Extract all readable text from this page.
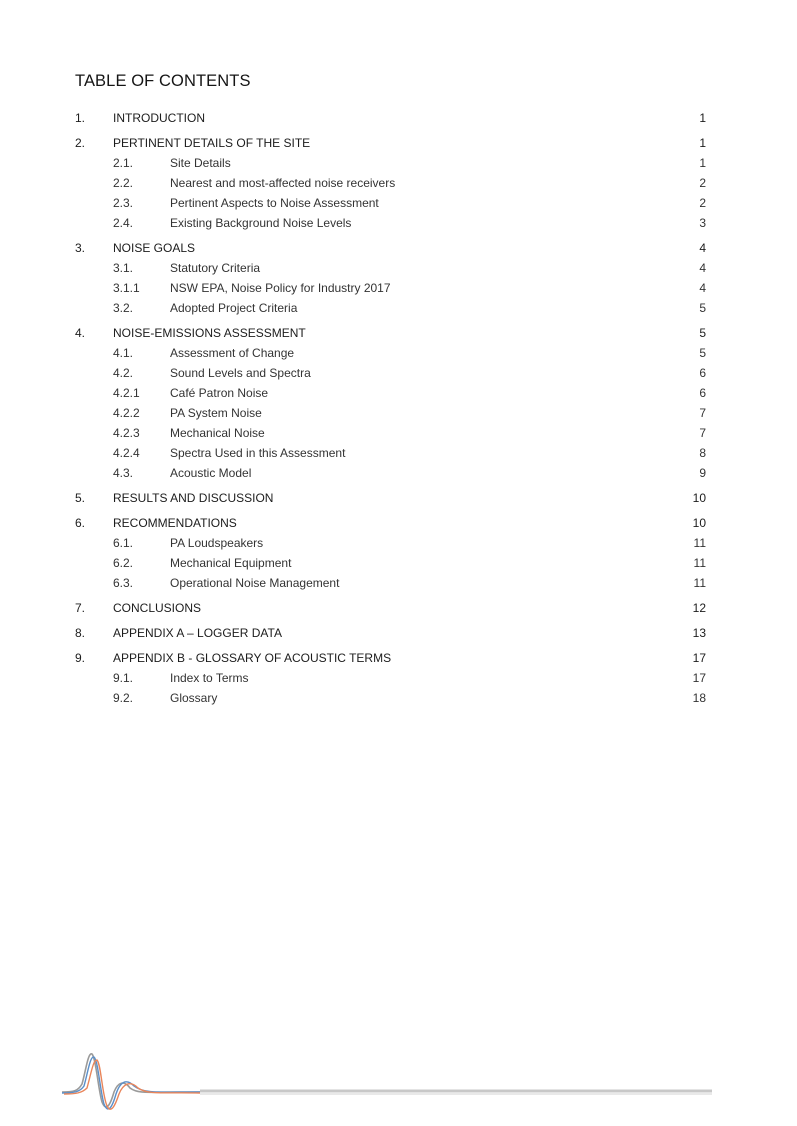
TABLE OF CONTENTS
1. INTRODUCTION	1
2. PERTINENT DETAILS OF THE SITE	1
2.1.	Site Details	1
2.2.	Nearest and most-affected noise receivers	2
2.3.	Pertinent Aspects to Noise Assessment	2
2.4.	Existing Background Noise Levels	3
3. NOISE GOALS	4
3.1.	Statutory Criteria	4
3.1.1	NSW EPA, Noise Policy for Industry 2017	4
3.2.	Adopted Project Criteria	5
4. NOISE-EMISSIONS ASSESSMENT	5
4.1.	Assessment of Change	5
4.2.	Sound Levels and Spectra	6
4.2.1	Café Patron Noise	6
4.2.2	PA System Noise	7
4.2.3	Mechanical Noise	7
4.2.4	Spectra Used in this Assessment	8
4.3.	Acoustic Model	9
5. RESULTS AND DISCUSSION	10
6. RECOMMENDATIONS	10
6.1.	PA Loudspeakers	11
6.2.	Mechanical Equipment	11
6.3.	Operational Noise Management	11
7. CONCLUSIONS	12
8. APPENDIX A – LOGGER DATA	13
9. APPENDIX B - GLOSSARY OF ACOUSTIC TERMS	17
9.1.	Index to Terms	17
9.2.	Glossary	18
